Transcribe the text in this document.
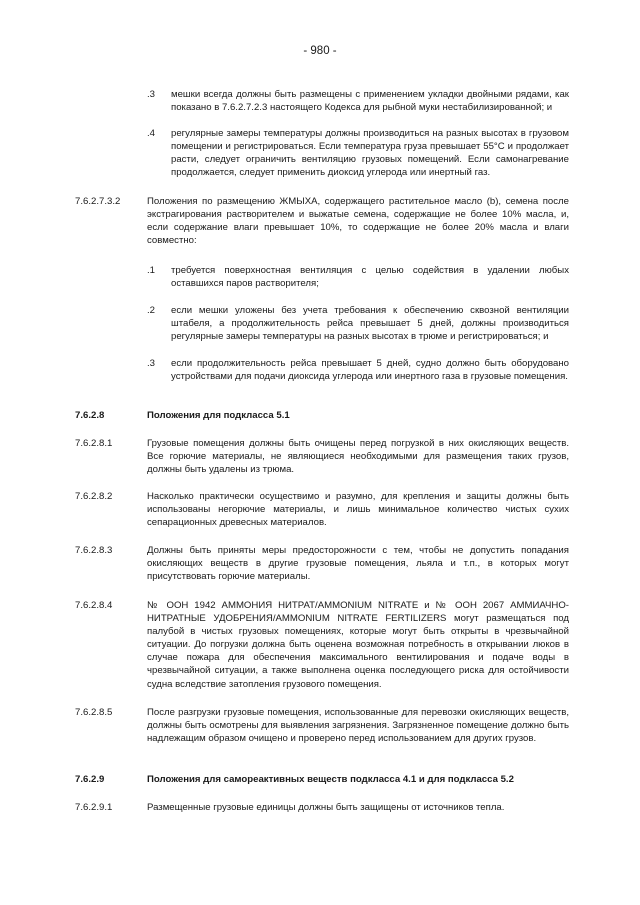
- 980 -
.3 мешки всегда должны быть размещены с применением укладки двойными рядами, как показано в 7.6.2.7.2.3 настоящего Кодекса для рыбной муки нестабилизированной; и
.4 регулярные замеры температуры должны производиться на разных высотах в грузовом помещении и регистрироваться. Если температура груза превышает 55°C и продолжает расти, следует ограничить вентиляцию грузовых помещений. Если самонагревание продолжается, следует применить диоксид углерода или инертный газ.
7.6.2.7.3.2	Положения по размещению ЖМЫХА, содержащего растительное масло (b), семена после экстрагирования растворителем и выжатые семена, содержащие не более 10% масла, и, если содержание влаги превышает 10%, то содержащие не более 20% масла и влаги совместно:
.1 требуется поверхностная вентиляция с целью содействия в удалении любых оставшихся паров растворителя;
.2 если мешки уложены без учета требования к обеспечению сквозной вентиляции штабеля, а продолжительность рейса превышает 5 дней, должны производиться регулярные замеры температуры на разных высотах в трюме и регистрироваться; и
.3 если продолжительность рейса превышает 5 дней, судно должно быть оборудовано устройствами для подачи диоксида углерода или инертного газа в грузовые помещения.
7.6.2.8	Положения для подкласса 5.1
7.6.2.8.1	Грузовые помещения должны быть очищены перед погрузкой в них окисляющих веществ. Все горючие материалы, не являющиеся необходимыми для размещения таких грузов, должны быть удалены из трюма.
7.6.2.8.2	Насколько практически осуществимо и разумно, для крепления и защиты должны быть использованы негорючие материалы, и лишь минимальное количество чистых сухих сепарационных древесных материалов.
7.6.2.8.3	Должны быть приняты меры предосторожности с тем, чтобы не допустить попадания окисляющих веществ в другие грузовые помещения, льяла и т.п., в которых могут присутствовать горючие материалы.
7.6.2.8.4	№ ООН 1942 АММОНИЯ НИТРАТ/AMMONIUM NITRATE и № ООН 2067 АММИАЧНО-НИТРАТНЫЕ УДОБРЕНИЯ/AMMONIUM NITRATE FERTILIZERS могут размещаться под палубой в чистых грузовых помещениях, которые могут быть открыты в чрезвычайной ситуации. До погрузки должна быть оценена возможная потребность в открывании люков в случае пожара для обеспечения максимального вентилирования и подаче воды в чрезвычайной ситуации, а также выполнена оценка последующего риска для остойчивости судна вследствие затопления грузового помещения.
7.6.2.8.5	После разгрузки грузовые помещения, использованные для перевозки окисляющих веществ, должны быть осмотрены для выявления загрязнения. Загрязненное помещение должно быть надлежащим образом очищено и проверено перед использованием для других грузов.
7.6.2.9	Положения для самореактивных веществ подкласса 4.1 и для подкласса 5.2
7.6.2.9.1	Размещенные грузовые единицы должны быть защищены от источников тепла.
